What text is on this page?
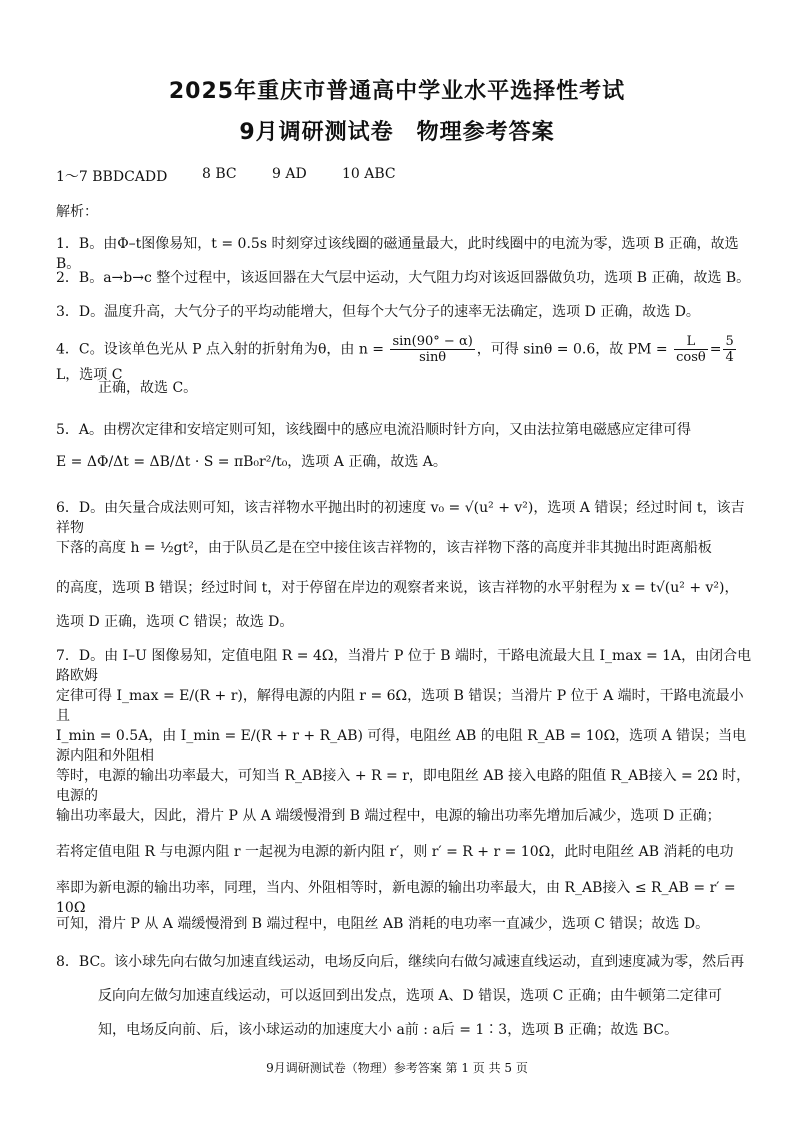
2025年重庆市普通高中学业水平选择性考试
9月调研测试卷　物理参考答案
1～7 BBDCADD	8 BC	9 AD	10 ABC
解析：

1．B。由Φ–t图像易知，t = 0.5s 时刻穿过该线圈的磁通量最大，此时线圈中的电流为零，选项 B 正确，故选 B。

2．B。a→b→c 整个过程中，该返回器在大气层中运动，大气阻力均对该返回器做负功，选项 B 正确，故选 B。

3．D。温度升高，大气分子的平均动能增大，但每个大气分子的速率无法确定，选项 D 正确，故选 D。

4．C。设该单色光从 P 点入射的折射角为θ，由 $n = \frac{\sin(90^\circ - \alpha)}{\sin\theta}$ ，可得 sinθ = 0.6，故 PM = $\frac{L}{\cos\theta} = \frac{5}{4}$
L，选项 C

正确，故选 C。

5．A。由楞次定律和安培定则可知，该线圈中的感应电流沿顺时针方向，又由法拉第电磁感应定律可得

E = ΔΦ/Δt = ΔB/Δt · S = πB₀r²/t₀，选项 A 正确，故选 A。

6．D。由矢量合成法则可知，该吉祥物水平抛出时的初速度 v₀ = √(u² + v²)，选项 A 错误；经过时间 t，该吉祥物

下落的高度 h = ½gt²，由于队员乙是在空中接住该吉祥物的，该吉祥物下落的高度并非其抛出时距离船板

的高度，选项 B 错误；经过时间 t，对于停留在岸边的观察者来说，该吉祥物的水平射程为 x = t√(u² + v²)，

选项 D 正确，选项 C 错误；故选 D。

7．D。由 I–U 图像易知，定值电阻 R = 4Ω，当滑片 P 位于 B 端时，干路电流最大且 I_max = 1A，由闭合电路欧姆

定律可得 I_max = E/(R + r)，解得电源的内阻 r = 6Ω，选项 B 错误；当滑片 P 位于 A 端时，干路电流最小且

I_min = 0.5A，由 I_min = E/(R + r + R_AB) 可得，电阻丝 AB 的电阻 R_AB = 10Ω，选项 A 错误；当电源内阻和外阻相

等时，电源的输出功率最大，可知当 R_AB接入 + R = r，即电阻丝 AB 接入电路的阻值 R_AB接入 = 2Ω 时，电源的

输出功率最大，因此，滑片 P 从 A 端缓慢滑到 B 端过程中，电源的输出功率先增加后减少，选项 D 正确；

若将定值电阻 R 与电源内阻 r 一起视为电源的新内阻 r′，则 r′ = R + r = 10Ω，此时电阻丝 AB 消耗的电功

率即为新电源的输出功率，同理，当内、外阻相等时，新电源的输出功率最大，由 R_AB接入 ≤ R_AB = r′ = 10Ω

可知，滑片 P 从 A 端缓慢滑到 B 端过程中，电阻丝 AB 消耗的电功率一直减少，选项 C 错误；故选 D。

8．BC。该小球先向右做匀加速直线运动，电场反向后，继续向右做匀减速直线运动，直到速度减为零，然后再

反向向左做匀加速直线运动，可以返回到出发点，选项 A、D 错误，选项 C 正确；由牛顿第二定律可

知，电场反向前、后，该小球运动的加速度大小 a前 : a后 = 1∶3，选项 B 正确；故选 BC。

9月调研测试卷（物理）参考答案 第 1 页 共 5 页
